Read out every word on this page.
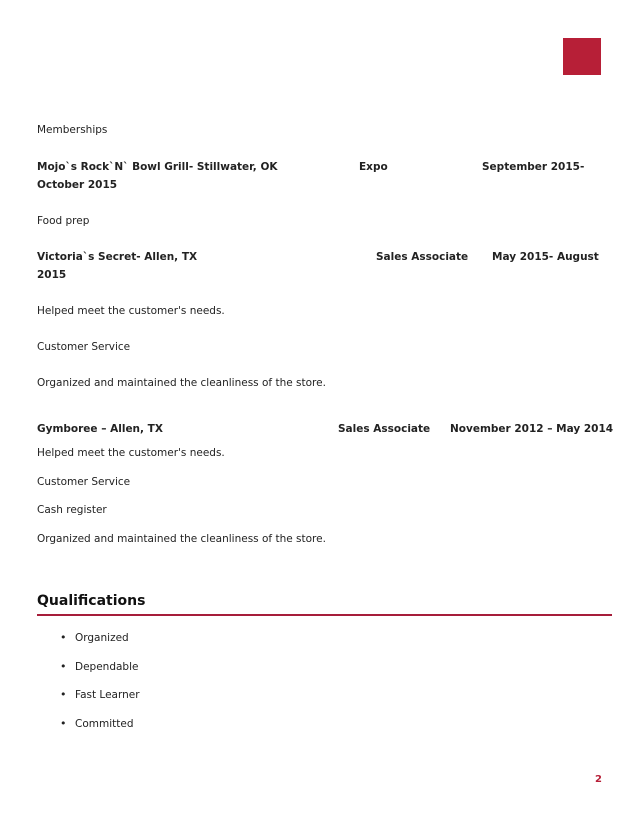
Memberships
Mojo`s Rock`N` Bowl Grill- Stillwater, OK	Expo	September 2015-
October 2015
Food prep
Victoria`s Secret- Allen, TX	Sales Associate May 2015- August
2015
Helped meet the customer's needs.
Customer Service
Organized and maintained the cleanliness of the store.
Gymboree – Allen, TX	Sales Associate November 2012 – May 2014
Helped meet the customer's needs.
Customer Service
Cash register
Organized and maintained the cleanliness of the store.
Qualifications
• Organized
• Dependable
• Fast Learner
• Committed
2
